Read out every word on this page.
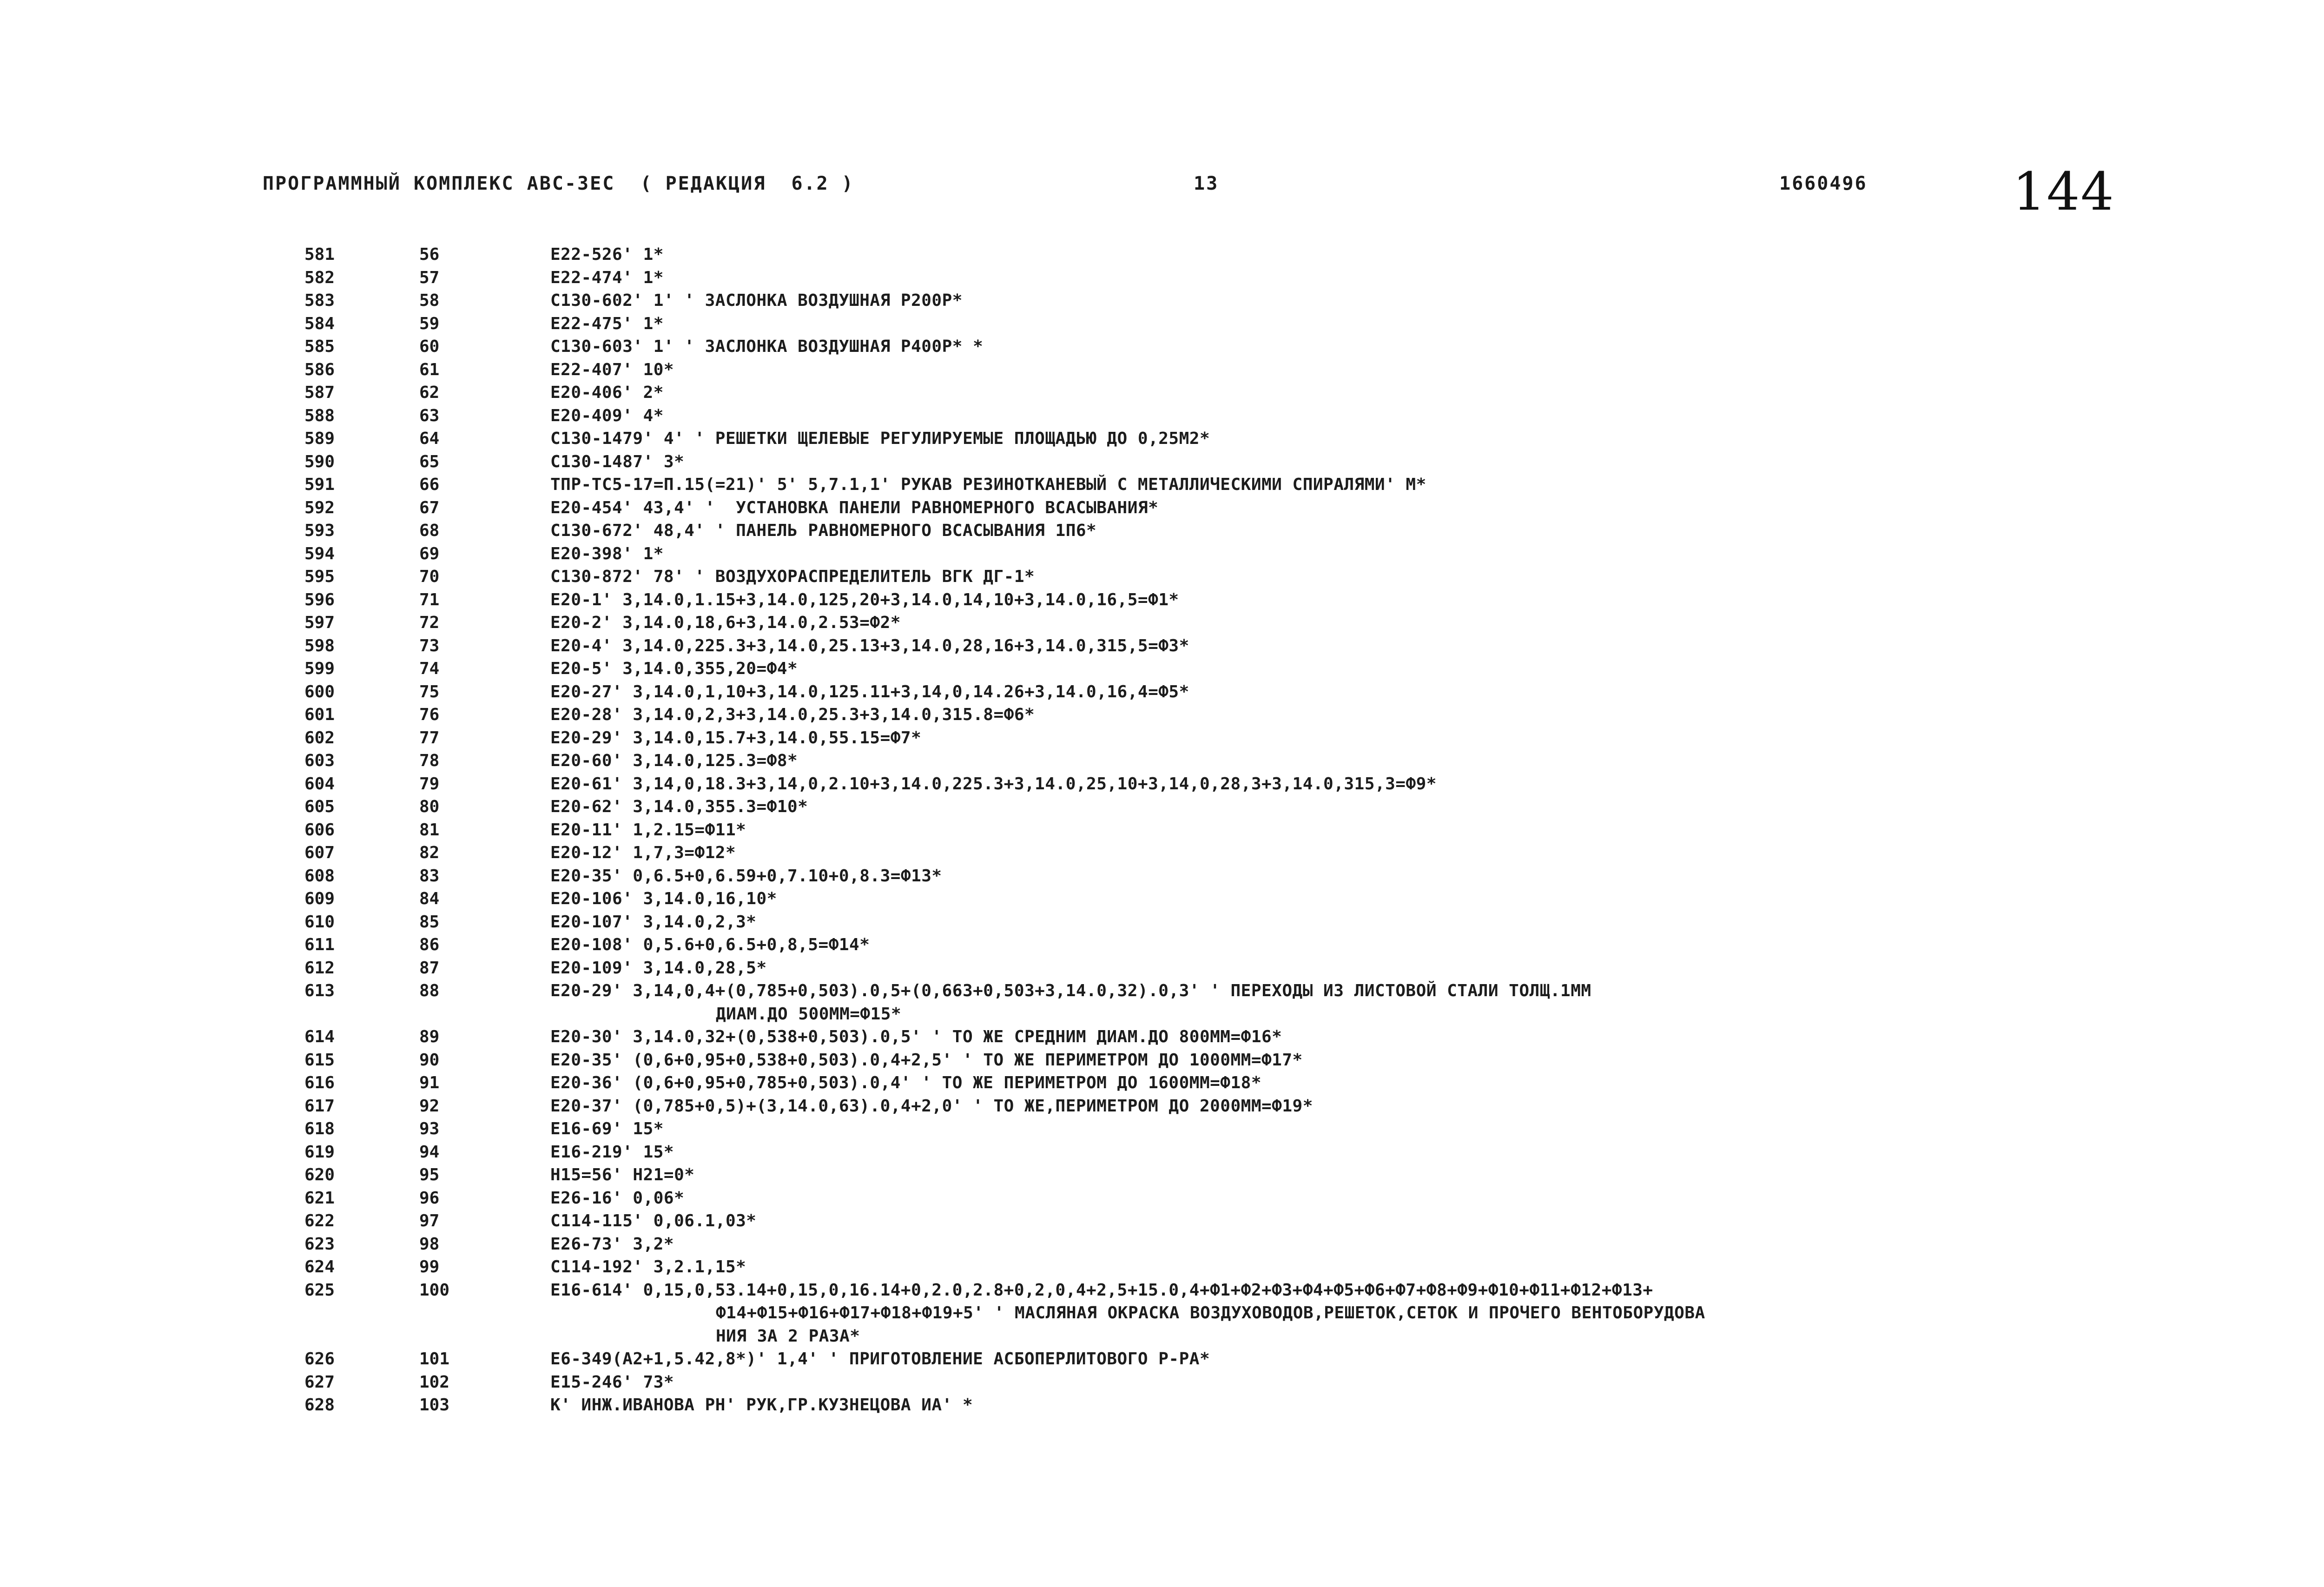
ПРОГРАММНЫЙ КОМПЛЕКС АВС-3ЕС  ( РЕДАКЦИЯ  6.2 )	13	1660496	144
581	56	Е22-526' 1*
582	57	Е22-474' 1*
583	58	С130-602' 1' ' ЗАСЛОНКА ВОЗДУШНАЯ Р200Р*
584	59	Е22-475' 1*
585	60	С130-603' 1' ' ЗАСЛОНКА ВОЗДУШНАЯ Р400Р* *
586	61	Е22-407' 10*
587	62	Е20-406' 2*
588	63	Е20-409' 4*
589	64	С130-1479' 4' ' РЕШЕТКИ ЩЕЛЕВЫЕ РЕГУЛИРУЕМЫЕ ПЛОЩАДЬЮ ДО 0,25М2*
590	65	С130-1487' 3*
591	66	ТПР-ТС5-17=П.15(=21)' 5' 5,7.1,1' РУКАВ РЕЗИНОТКАНЕВЫЙ С МЕТАЛЛИЧЕСКИМИ СПИРАЛЯМИ' М*
592	67	Е20-454' 43,4' '  УСТАНОВКА ПАНЕЛИ РАВНОМЕРНОГО ВСАСЫВАНИЯ*
593	68	С130-672' 48,4' ' ПАНЕЛЬ РАВНОМЕРНОГО ВСАСЫВАНИЯ 1П6*
594	69	Е20-398' 1*
595	70	С130-872' 78' ' ВОЗДУХОРАСПРЕДЕЛИТЕЛЬ ВГК ДГ-1*
596	71	Е20-1' 3,14.0,1.15+3,14.0,125,20+3,14.0,14,10+3,14.0,16,5=Ф1*
597	72	Е20-2' 3,14.0,18,6+3,14.0,2.53=Ф2*
598	73	Е20-4' 3,14.0,225.3+3,14.0,25.13+3,14.0,28,16+3,14.0,315,5=Ф3*
599	74	Е20-5' 3,14.0,355,20=Ф4*
600	75	Е20-27' 3,14.0,1,10+3,14.0,125.11+3,14,0,14.26+3,14.0,16,4=Ф5*
601	76	Е20-28' 3,14.0,2,3+3,14.0,25.3+3,14.0,315.8=Ф6*
602	77	Е20-29' 3,14.0,15.7+3,14.0,55.15=Ф7*
603	78	Е20-60' 3,14.0,125.3=Ф8*
604	79	Е20-61' 3,14,0,18.3+3,14,0,2.10+3,14.0,225.3+3,14.0,25,10+3,14,0,28,3+3,14.0,315,3=Ф9*
605	80	Е20-62' 3,14.0,355.3=Ф10*
606	81	Е20-11' 1,2.15=Ф11*
607	82	Е20-12' 1,7,3=Ф12*
608	83	Е20-35' 0,6.5+0,6.59+0,7.10+0,8.3=Ф13*
609	84	Е20-106' 3,14.0,16,10*
610	85	Е20-107' 3,14.0,2,3*
611	86	Е20-108' 0,5.6+0,6.5+0,8,5=Ф14*
612	87	Е20-109' 3,14.0,28,5*
613	88	Е20-29' 3,14,0,4+(0,785+0,503).0,5+(0,663+0,503+3,14.0,32).0,3' ' ПЕРЕХОДЫ ИЗ ЛИСТОВОЙ СТАЛИ ТОЛЩ.1ММ
ДИАМ.ДО 500ММ=Ф15*
614	89	Е20-30' 3,14.0,32+(0,538+0,503).0,5' ' ТО ЖЕ СРЕДНИМ ДИАМ.ДО 800ММ=Ф16*
615	90	Е20-35' (0,6+0,95+0,538+0,503).0,4+2,5' ' ТО ЖЕ ПЕРИМЕТРОМ ДО 1000ММ=Ф17*
616	91	Е20-36' (0,6+0,95+0,785+0,503).0,4' ' ТО ЖЕ ПЕРИМЕТРОМ ДО 1600ММ=Ф18*
617	92	Е20-37' (0,785+0,5)+(3,14.0,63).0,4+2,0' ' ТО ЖЕ,ПЕРИМЕТРОМ ДО 2000ММ=Ф19*
618	93	Е16-69' 15*
619	94	Е16-219' 15*
620	95	Н15=56' Н21=0*
621	96	Е26-16' 0,06*
622	97	С114-115' 0,06.1,03*
623	98	Е26-73' 3,2*
624	99	С114-192' 3,2.1,15*
625	100	Е16-614' 0,15,0,53.14+0,15,0,16.14+0,2.0,2.8+0,2,0,4+2,5+15.0,4+Ф1+Ф2+Ф3+Ф4+Ф5+Ф6+Ф7+Ф8+Ф9+Ф10+Ф11+Ф12+Ф13+
Ф14+Ф15+Ф16+Ф17+Ф18+Ф19+5' ' МАСЛЯНАЯ ОКРАСКА ВОЗДУХОВОДОВ,РЕШЕТОК,СЕТОК И ПРОЧЕГО ВЕНТОБОРУДОВА
НИЯ ЗА 2 РАЗА*
626	101	Е6-349(А2+1,5.42,8*)' 1,4' ' ПРИГОТОВЛЕНИЕ АСБОПЕРЛИТОВОГО Р-РА*
627	102	Е15-246' 73*
628	103	К' ИНЖ.ИВАНОВА РН' РУК,ГР.КУЗНЕЦОВА ИА' *
